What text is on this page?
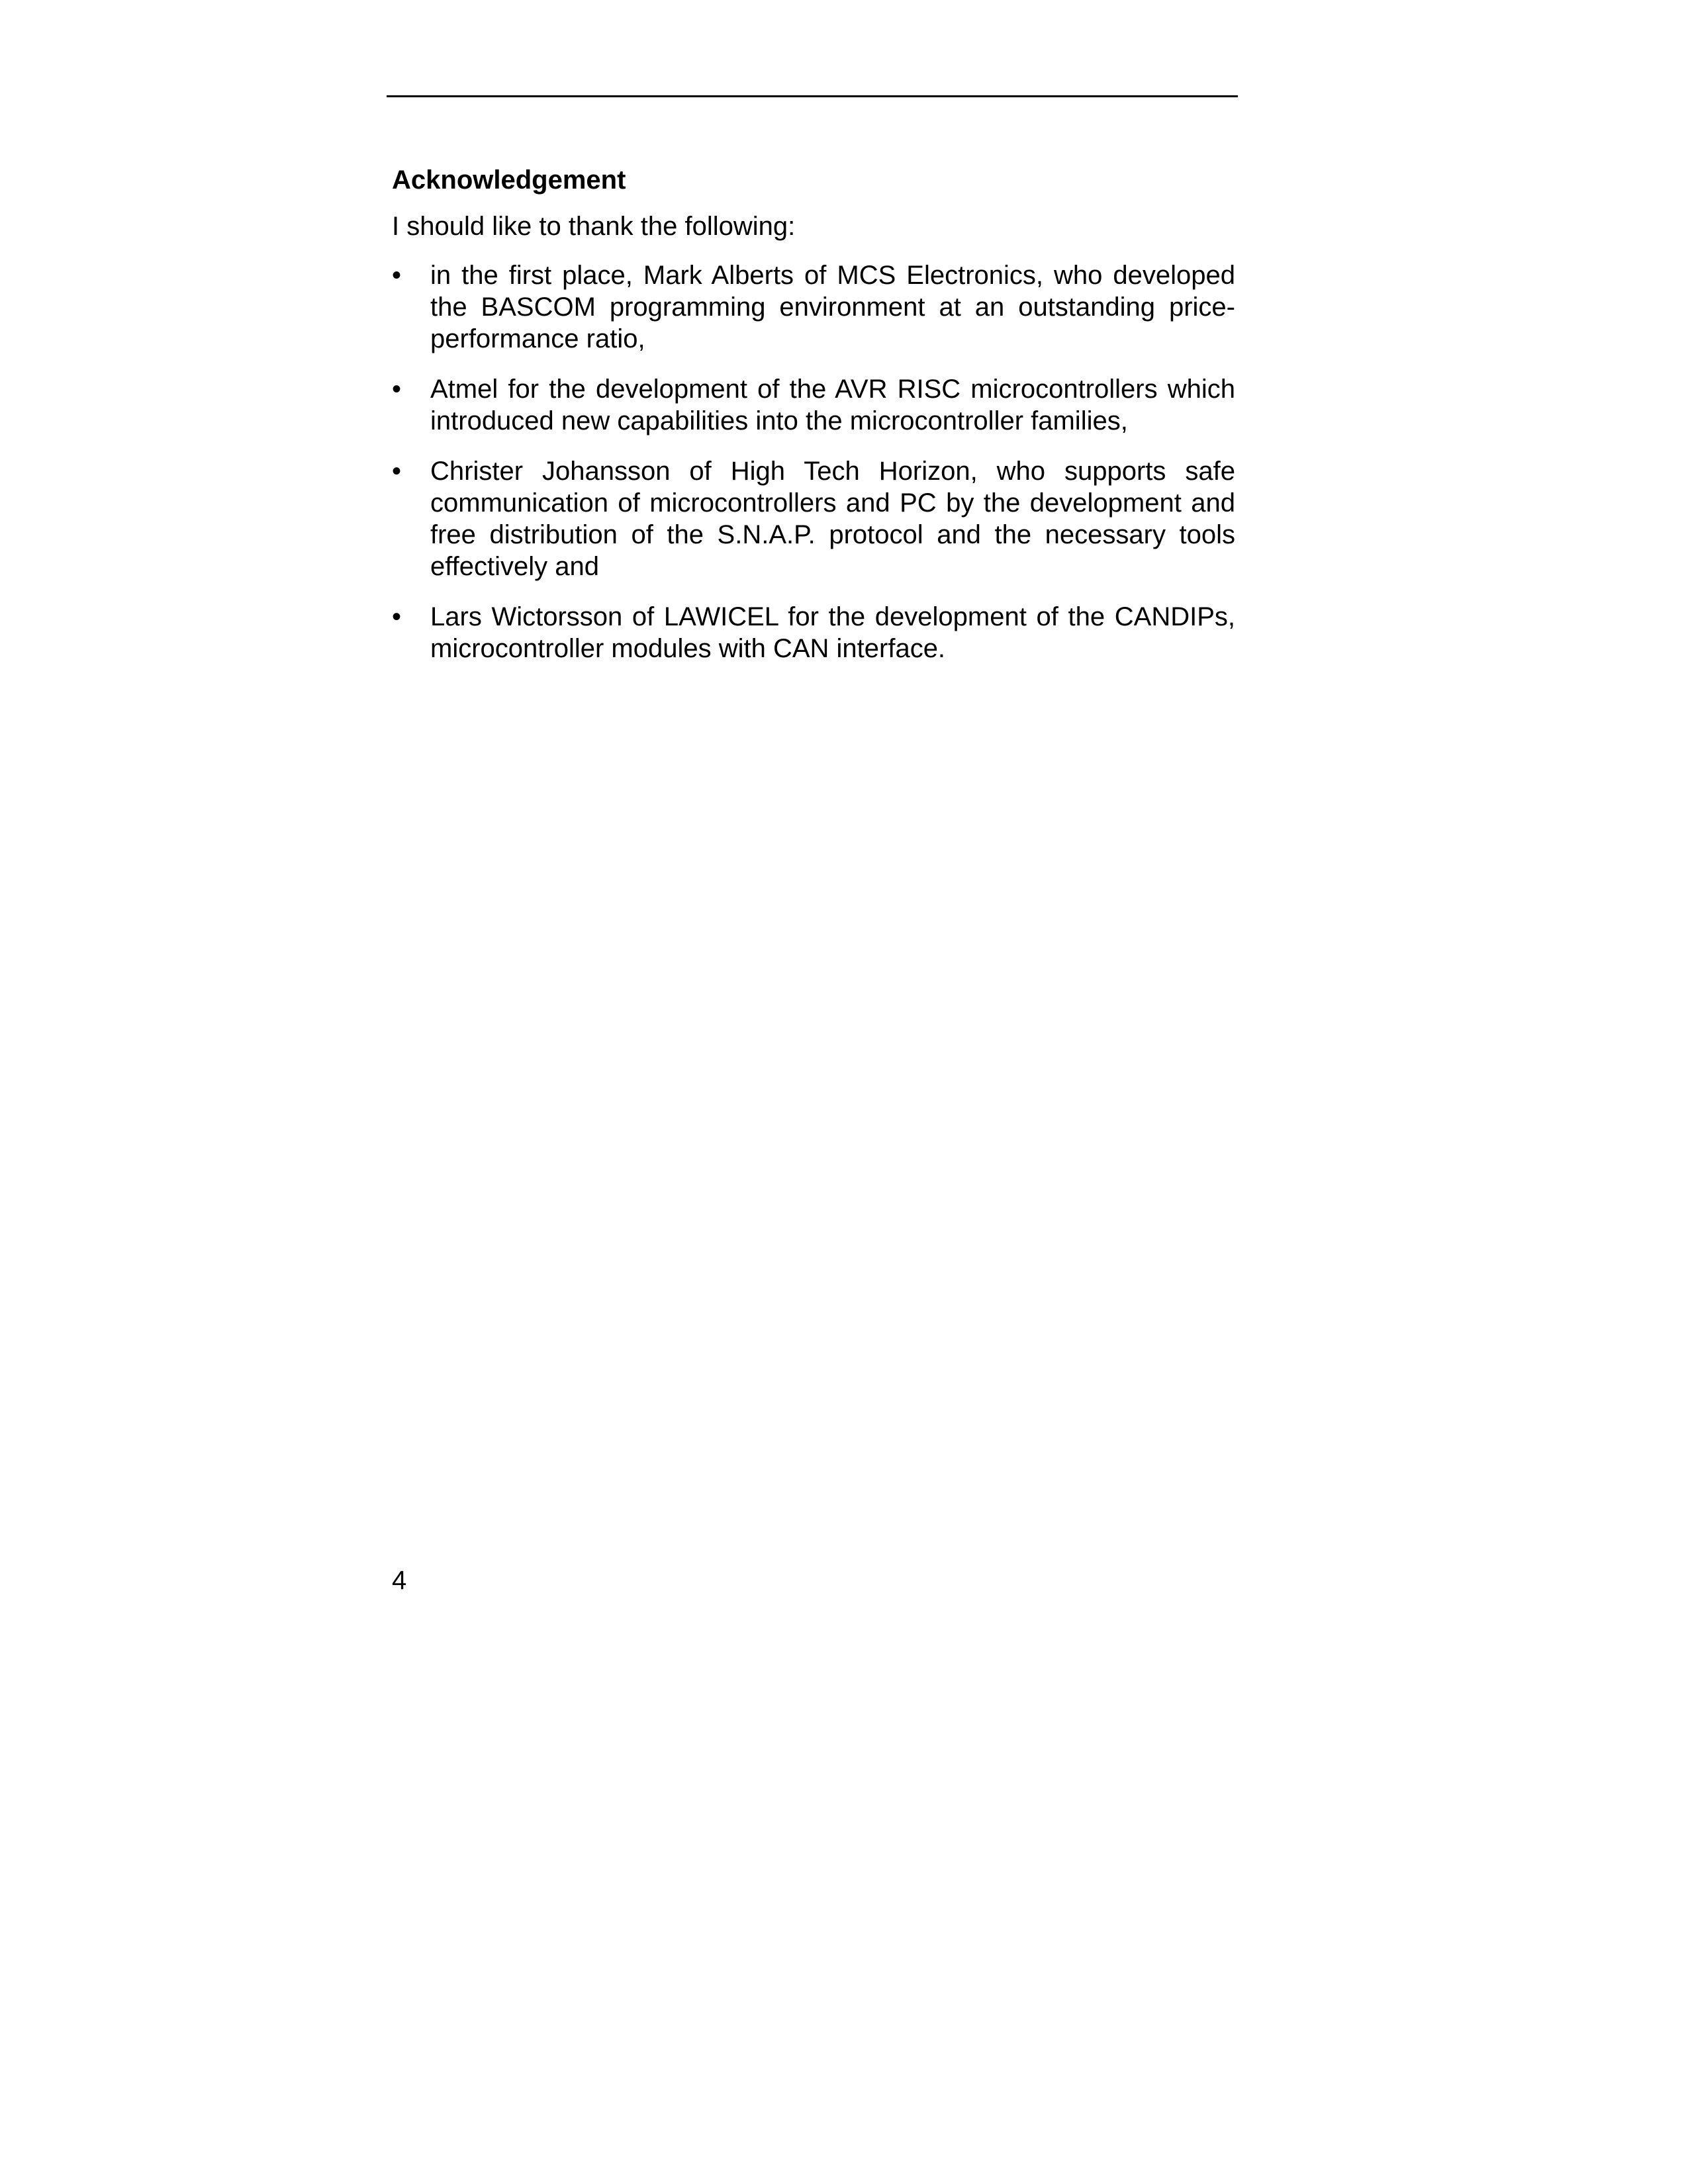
Acknowledgement
I should like to thank the following:
•	in the first place, Mark Alberts of MCS Electronics, who developed the BASCOM programming environment at an outstanding price-performance ratio,
•	Atmel for the development of the AVR RISC microcontrollers which introduced new capabilities into the microcontroller families,
•	Christer Johansson of High Tech Horizon, who supports safe communication of microcontrollers and PC by the development and free distribution of the S.N.A.P. protocol and the necessary tools effectively and
•	Lars Wictorsson of LAWICEL for the development of the CANDIPs, microcontroller modules with CAN interface.
4
